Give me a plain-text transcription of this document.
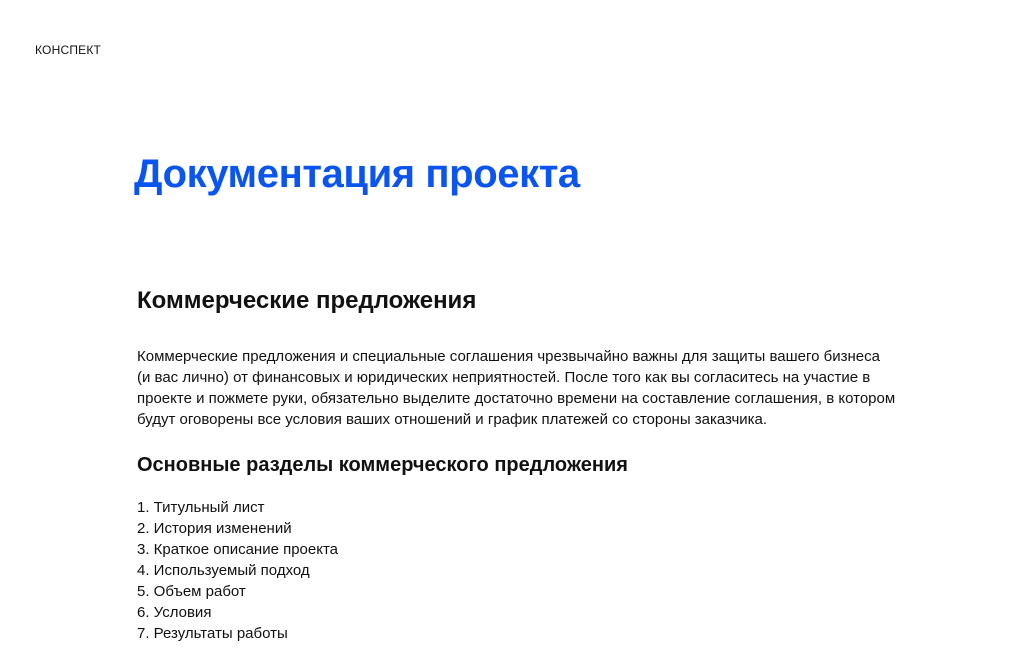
КОНСПЕКТ
Документация проекта
Коммерческие предложения

Коммерческие предложения и специальные соглашения чрезвычайно важны для защиты вашего бизнеса (и вас лично) от финансовых и юридических неприятностей. После того как вы согласитесь на участие в проекте и пожмете руки, обязательно выделите достаточно времени на составление соглашения, в котором будут оговорены все условия ваших отношений и график платежей со стороны заказчика.

Основные разделы коммерческого предложения
1. Титульный лист
2. История изменений
3. Краткое описание проекта
4. Используемый подход
5. Объем работ
6. Условия
7. Результаты работы
